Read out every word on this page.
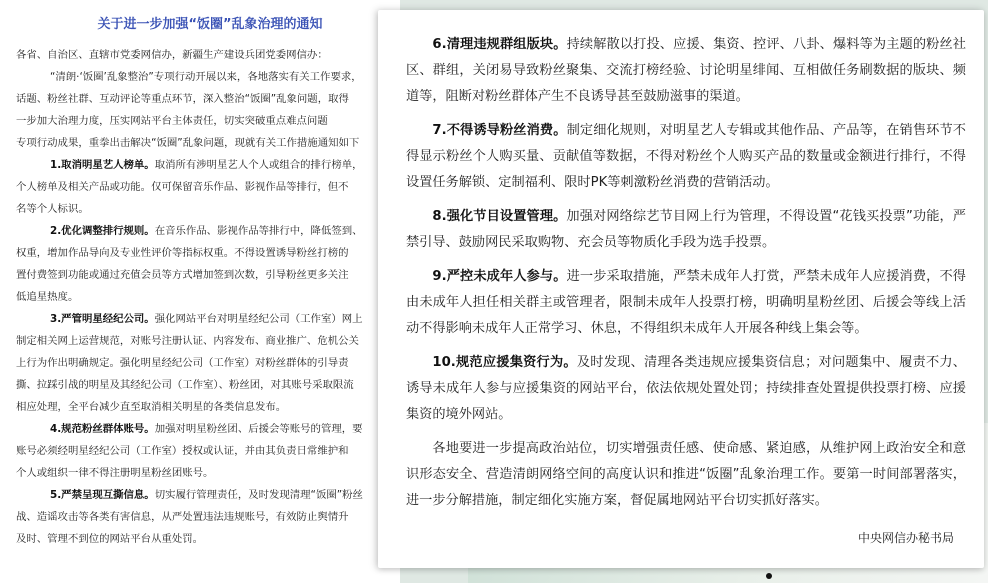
关于进一步加强“饭圈”乱象治理的通知

各省、自治区、直辖市党委网信办，新疆生产建设兵团党委网信办：

“清朗·‘饭圈’乱象整治”专项行动开展以来，各地落实有关工作要求，

话题、粉丝社群、互动评论等重点环节，深入整治“饭圈”乱象问题，取得

一步加大治理力度，压实网站平台主体责任，切实突破重点难点问题

专项行动成果，重拳出击解决“饭圈”乱象问题，现就有关工作措施通知如下

1.取消明星艺人榜单。取消所有涉明星艺人个人或组合的排行榜单，

个人榜单及相关产品或功能。仅可保留音乐作品、影视作品等排行，但不

名等个人标识。

2.优化调整排行规则。在音乐作品、影视作品等排行中，降低签到、

权重，增加作品导向及专业性评价等指标权重。不得设置诱导粉丝打榜的

置付费签到功能或通过充值会员等方式增加签到次数，引导粉丝更多关注

低追星热度。

3.严管明星经纪公司。强化网站平台对明星经纪公司（工作室）网上

制定相关网上运营规范，对账号注册认证、内容发布、商业推广、危机公关

上行为作出明确规定。强化明星经纪公司（工作室）对粉丝群体的引导责

撕、拉踩引战的明星及其经纪公司（工作室）、粉丝团，对其账号采取限流

相应处理，全平台减少直至取消相关明星的各类信息发布。

4.规范粉丝群体账号。加强对明星粉丝团、后援会等账号的管理，要

账号必须经明星经纪公司（工作室）授权或认证，并由其负责日常维护和

个人或组织一律不得注册明星粉丝团账号。

5.严禁呈现互撕信息。切实履行管理责任，及时发现清理“饭圈”粉丝

战、造谣攻击等各类有害信息，从严处置违法违规账号，有效防止舆情升

及时、管理不到位的网站平台从重处罚。

6.清理违规群组版块。持续解散以打投、应援、集资、控评、八卦、爆料等为主题的粉丝社区、群组，关闭易导致粉丝聚集、交流打榜经验、讨论明星绯闻、互相做任务刷数据的版块、频道等，阻断对粉丝群体产生不良诱导甚至鼓励滋事的渠道。

7.不得诱导粉丝消费。制定细化规则，对明星艺人专辑或其他作品、产品等，在销售环节不得显示粉丝个人购买量、贡献值等数据，不得对粉丝个人购买产品的数量或金额进行排行，不得设置任务解锁、定制福利、限时PK等刺激粉丝消费的营销活动。

8.强化节目设置管理。加强对网络综艺节目网上行为管理，不得设置“花钱买投票”功能，严禁引导、鼓励网民采取购物、充会员等物质化手段为选手投票。

9.严控未成年人参与。进一步采取措施，严禁未成年人打赏，严禁未成年人应援消费，不得由未成年人担任相关群主或管理者，限制未成年人投票打榜，明确明星粉丝团、后援会等线上活动不得影响未成年人正常学习、休息，不得组织未成年人开展各种线上集会等。

10.规范应援集资行为。及时发现、清理各类违规应援集资信息；对问题集中、履责不力、诱导未成年人参与应援集资的网站平台，依法依规处置处罚；持续排查处置提供投票打榜、应援集资的境外网站。

各地要进一步提高政治站位，切实增强责任感、使命感、紧迫感，从维护网上政治安全和意识形态安全、营造清朗网络空间的高度认识和推进“饭圈”乱象治理工作。要第一时间部署落实，进一步分解措施，制定细化实施方案，督促属地网站平台切实抓好落实。

中央网信办秘书局
